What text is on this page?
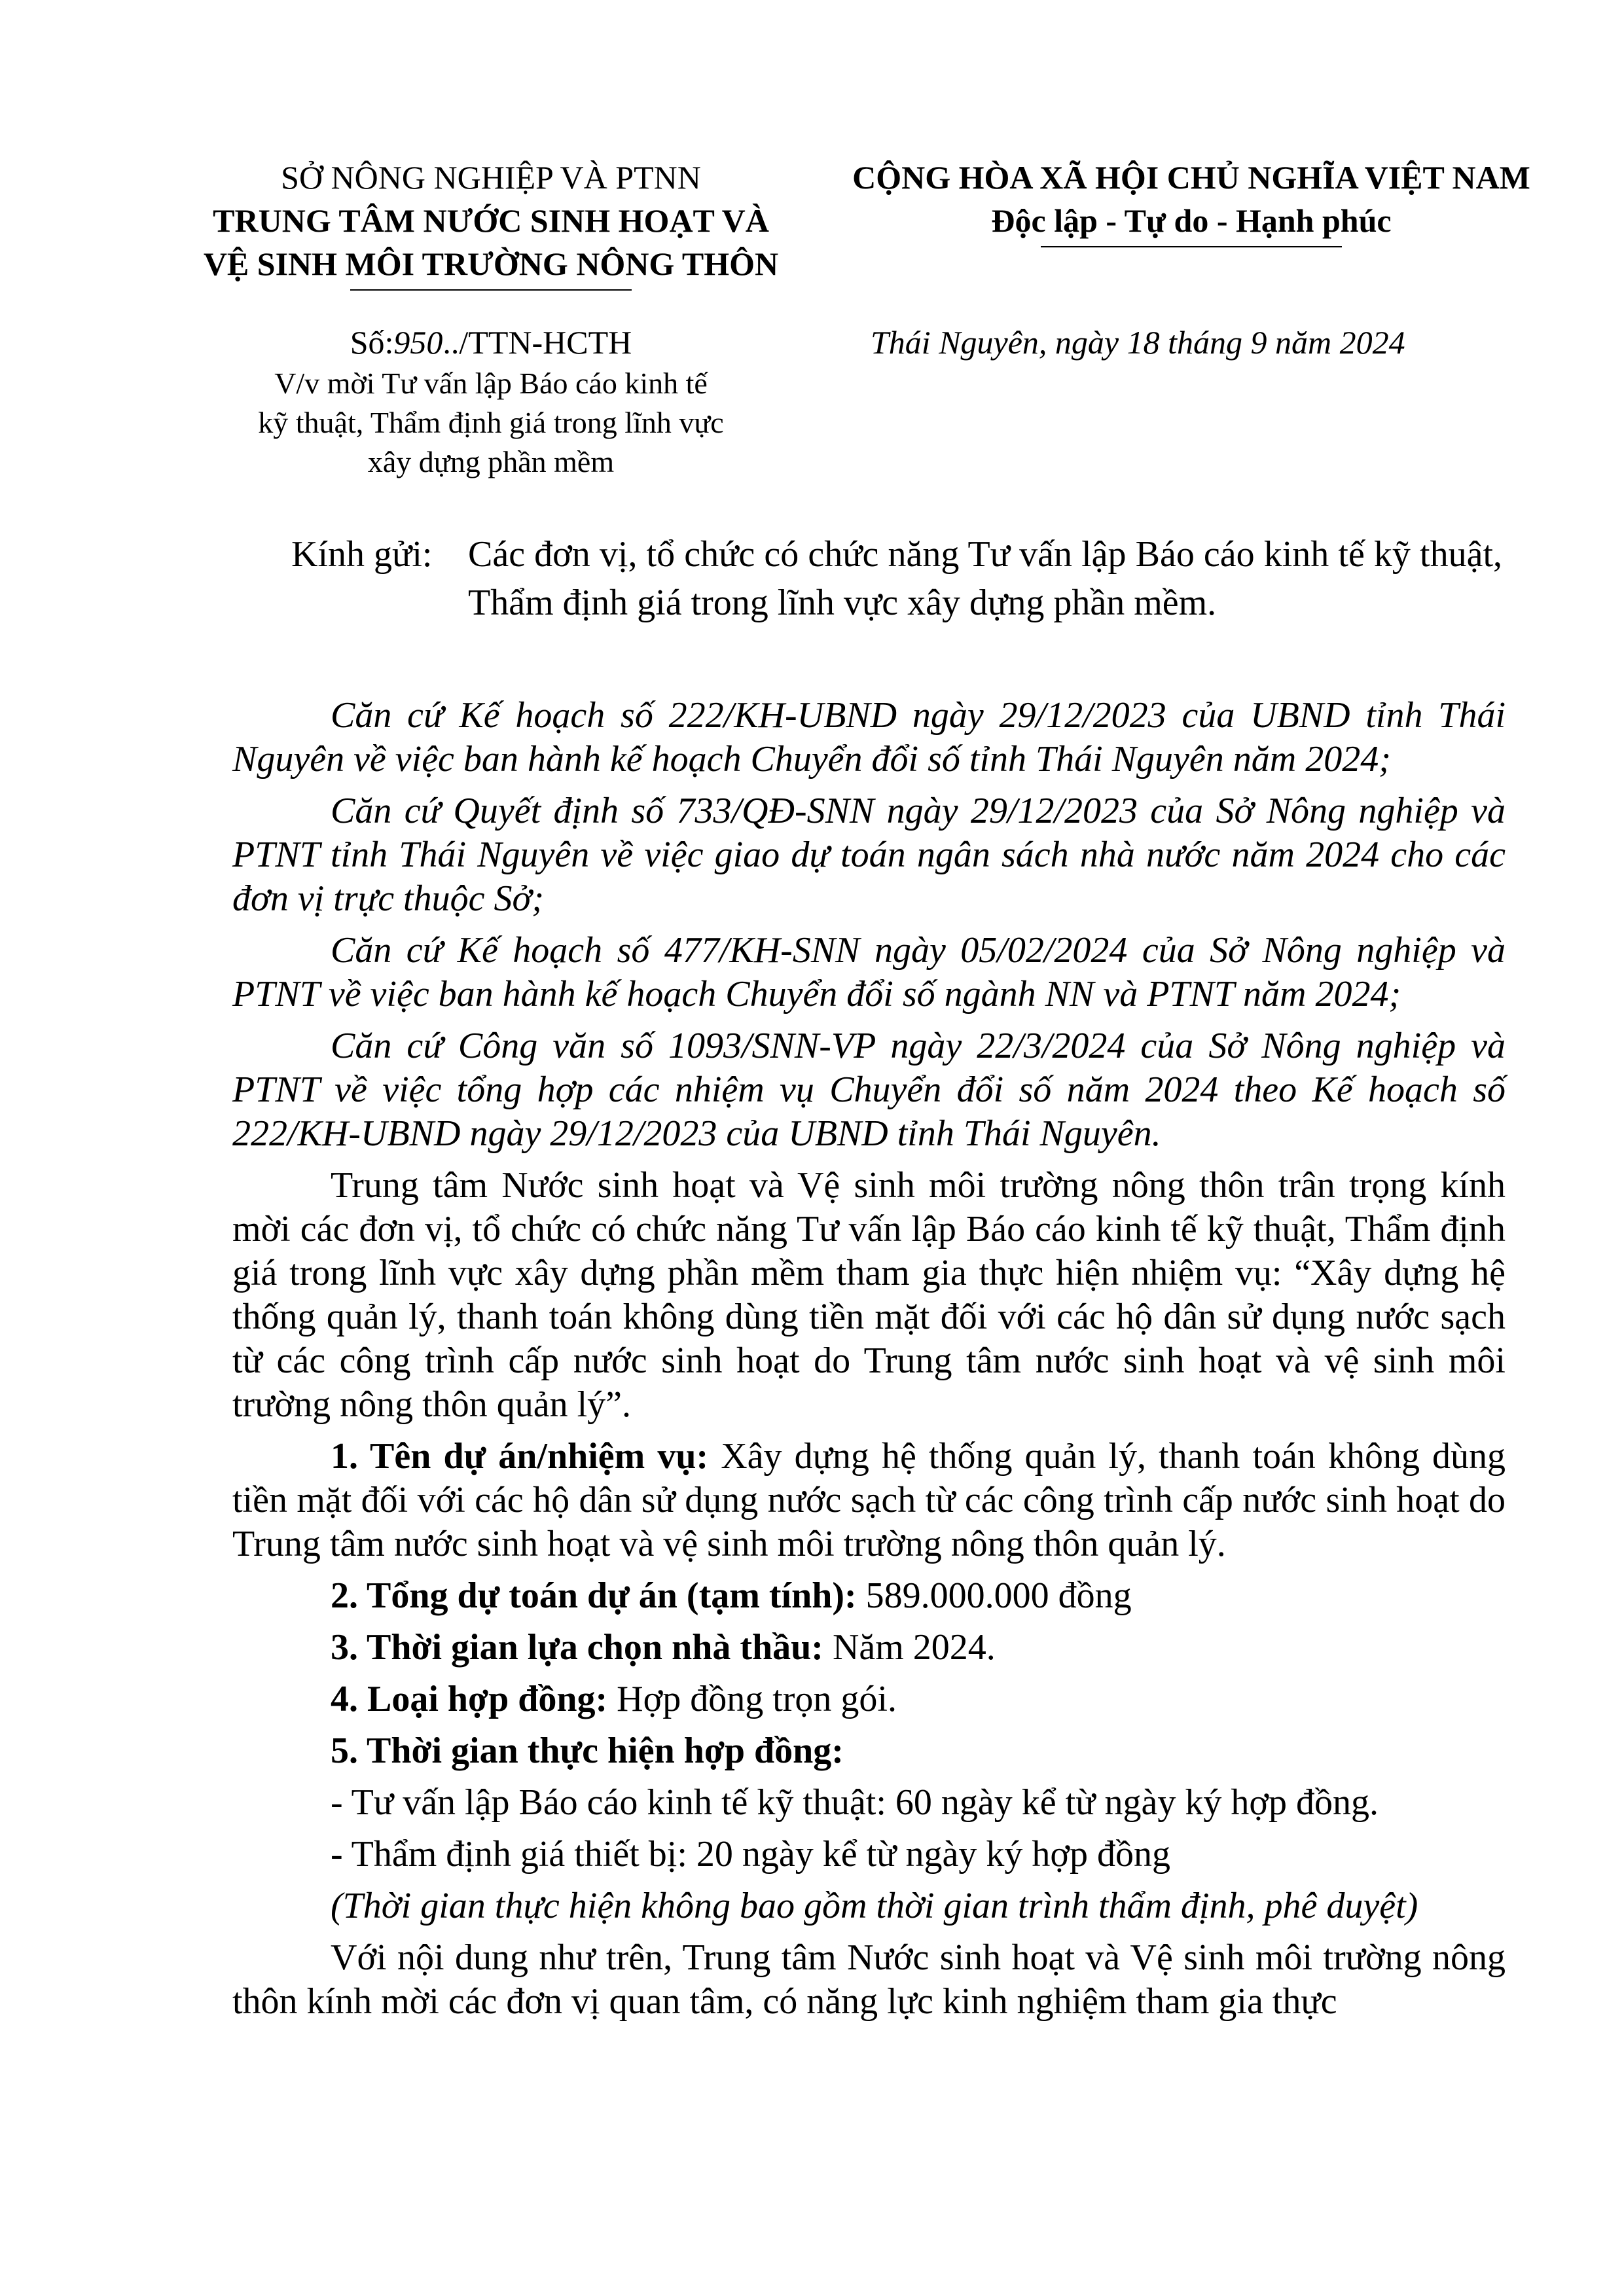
SỞ NÔNG NGHIỆP VÀ PTNN
TRUNG TÂM NƯỚC SINH HOẠT VÀ
VỆ SINH MÔI TRƯỜNG NÔNG THÔN
CỘNG HÒA XÃ HỘI CHỦ NGHĨA VIỆT NAM
Độc lập - Tự do - Hạnh phúc
Số:950../TTN-HCTH
V/v mời Tư vấn lập Báo cáo kinh tế
kỹ thuật, Thẩm định giá trong lĩnh vực
xây dựng phần mềm
Thái Nguyên, ngày 18 tháng 9 năm 2024
Kính gửi: Các đơn vị, tổ chức có chức năng Tư vấn lập Báo cáo kinh tế kỹ thuật, Thẩm định giá trong lĩnh vực xây dựng phần mềm.

Căn cứ Kế hoạch số 222/KH-UBND ngày 29/12/2023 của UBND tỉnh Thái Nguyên về việc ban hành kế hoạch Chuyển đổi số tỉnh Thái Nguyên năm 2024;

Căn cứ Quyết định số 733/QĐ-SNN ngày 29/12/2023 của Sở Nông nghiệp và PTNT tỉnh Thái Nguyên về việc giao dự toán ngân sách nhà nước năm 2024 cho các đơn vị trực thuộc Sở;

Căn cứ Kế hoạch số 477/KH-SNN ngày 05/02/2024 của Sở Nông nghiệp và PTNT về việc ban hành kế hoạch Chuyển đổi số ngành NN và PTNT năm 2024;

Căn cứ Công văn số 1093/SNN-VP ngày 22/3/2024 của Sở Nông nghiệp và PTNT về việc tổng hợp các nhiệm vụ Chuyển đổi số năm 2024 theo Kế hoạch số 222/KH-UBND ngày 29/12/2023 của UBND tỉnh Thái Nguyên.

Trung tâm Nước sinh hoạt và Vệ sinh môi trường nông thôn trân trọng kính mời các đơn vị, tổ chức có chức năng Tư vấn lập Báo cáo kinh tế kỹ thuật, Thẩm định giá trong lĩnh vực xây dựng phần mềm tham gia thực hiện nhiệm vụ: “Xây dựng hệ thống quản lý, thanh toán không dùng tiền mặt đối với các hộ dân sử dụng nước sạch từ các công trình cấp nước sinh hoạt do Trung tâm nước sinh hoạt và vệ sinh môi trường nông thôn quản lý”.

1. Tên dự án/nhiệm vụ: Xây dựng hệ thống quản lý, thanh toán không dùng tiền mặt đối với các hộ dân sử dụng nước sạch từ các công trình cấp nước sinh hoạt do Trung tâm nước sinh hoạt và vệ sinh môi trường nông thôn quản lý.

2. Tổng dự toán dự án (tạm tính): 589.000.000 đồng

3. Thời gian lựa chọn nhà thầu: Năm 2024.

4. Loại hợp đồng: Hợp đồng trọn gói.

5. Thời gian thực hiện hợp đồng:

- Tư vấn lập Báo cáo kinh tế kỹ thuật: 60 ngày kể từ ngày ký hợp đồng.

- Thẩm định giá thiết bị: 20 ngày kể từ ngày ký hợp đồng

(Thời gian thực hiện không bao gồm thời gian trình thẩm định, phê duyệt)

Với nội dung như trên, Trung tâm Nước sinh hoạt và Vệ sinh môi trường nông thôn kính mời các đơn vị quan tâm, có năng lực kinh nghiệm tham gia thực
